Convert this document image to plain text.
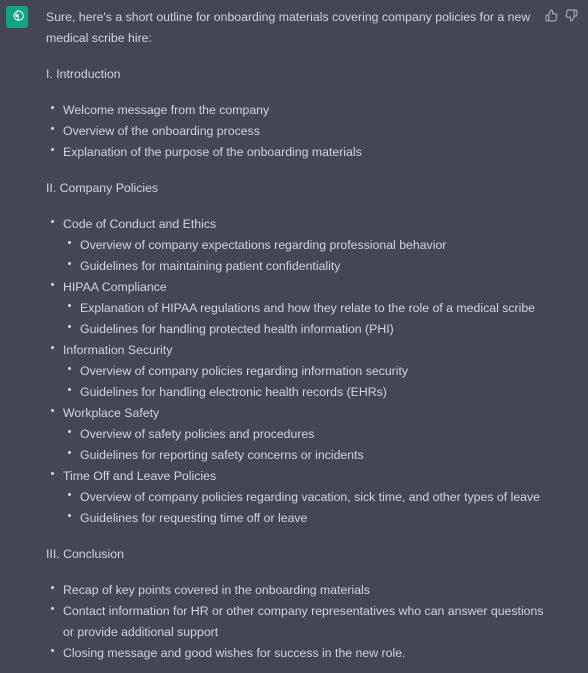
Sure, here's a short outline for onboarding materials covering company policies for a new medical scribe hire:

I. Introduction

Welcome message from the company
Overview of the onboarding process
Explanation of the purpose of the onboarding materials

II. Company Policies

Code of Conduct and Ethics
Overview of company expectations regarding professional behavior
Guidelines for maintaining patient confidentiality
HIPAA Compliance
Explanation of HIPAA regulations and how they relate to the role of a medical scribe
Guidelines for handling protected health information (PHI)
Information Security
Overview of company policies regarding information security
Guidelines for handling electronic health records (EHRs)
Workplace Safety
Overview of safety policies and procedures
Guidelines for reporting safety concerns or incidents
Time Off and Leave Policies
Overview of company policies regarding vacation, sick time, and other types of leave
Guidelines for requesting time off or leave

III. Conclusion

Recap of key points covered in the onboarding materials
Contact information for HR or other company representatives who can answer questions or provide additional support
Closing message and good wishes for success in the new role.
